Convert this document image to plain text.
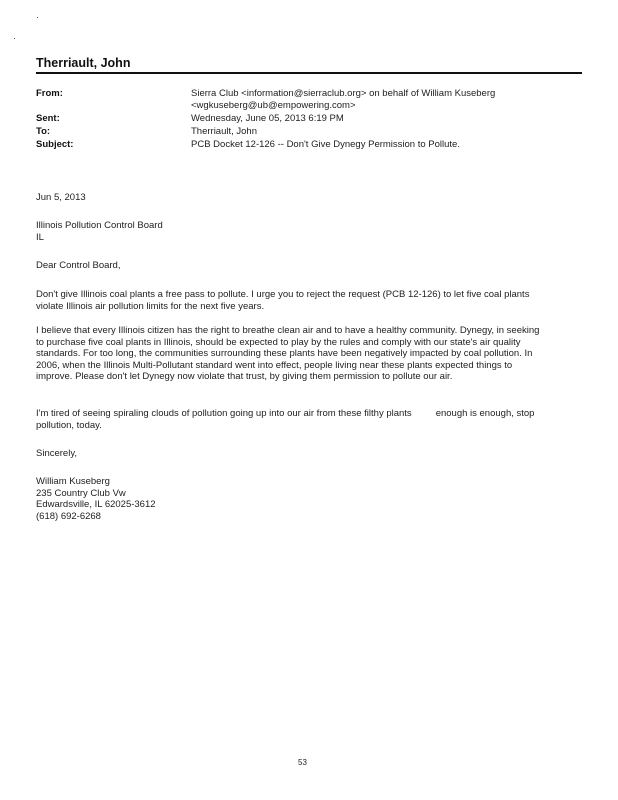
Therriault, John
From:	Sierra Club <information@sierraclub.org> on behalf of William Kuseberg
<wgkuseberg@ub@empowering.com>
Sent:	Wednesday, June 05, 2013 6:19 PM
To:	Therriault, John
Subject:	PCB Docket 12-126 -- Don't Give Dynegy Permission to Pollute.
Jun 5, 2013
Illinois Pollution Control Board
IL
Dear Control Board,
Don't give Illinois coal plants a free pass to pollute. I urge you to reject the request (PCB 12-126) to let five coal plants
violate Illinois air pollution limits for the next five years.
I believe that every Illinois citizen has the right to breathe clean air and to have a healthy community. Dynegy, in seeking
to purchase five coal plants in Illinois, should be expected to play by the rules and comply with our state's air quality
standards. For too long, the communities surrounding these plants have been negatively impacted by coal pollution. In
2006, when the Illinois Multi-Pollutant standard went into effect, people living near these plants expected things to
improve. Please don't let Dynegy now violate that trust, by giving them permission to pollute our air.
I'm tired of seeing spiraling clouds of pollution going up into our air from these filthy plants	enough is enough, stop
pollution, today.
Sincerely,
William Kuseberg
235 Country Club Vw
Edwardsville, IL 62025-3612
(618) 692-6268
53
